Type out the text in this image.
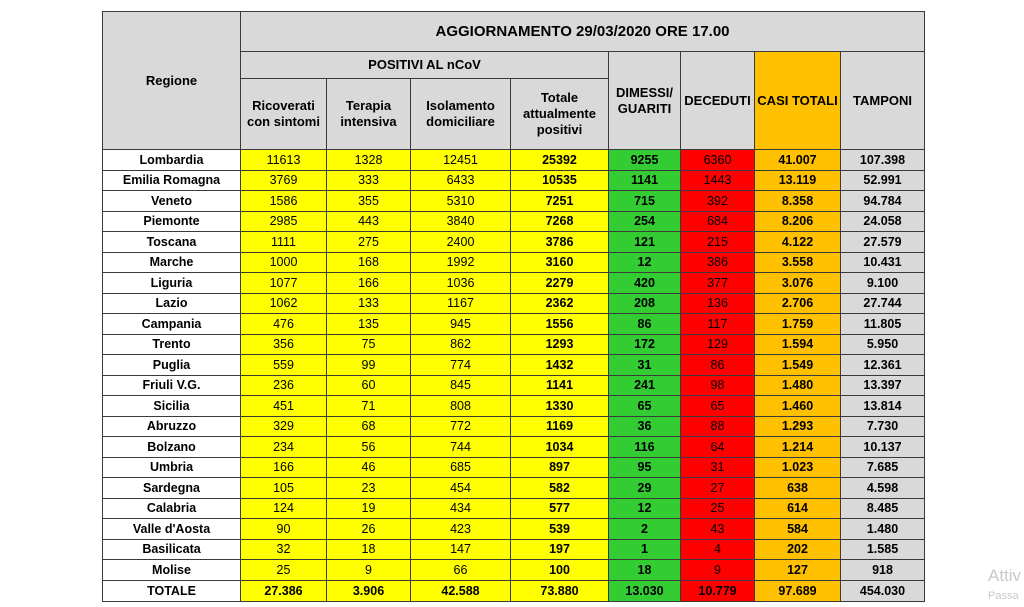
Regione	AGGIORNAMENTO 29/03/2020 ORE 17.00							
	POSITIVI AL nCoV				DIMESSI/ GUARITI	DECEDUTI	CASI TOTALI	TAMPONI
	Ricoverati con sintomi	Terapia intensiva	Isolamento domiciliare	Totale attualmente positivi				
Lombardia	11613	1328	12451	25392	9255	6360	41.007	107.398
Emilia Romagna	3769	333	6433	10535	1141	1443	13.119	52.991
Veneto	1586	355	5310	7251	715	392	8.358	94.784
Piemonte	2985	443	3840	7268	254	684	8.206	24.058
Toscana	1111	275	2400	3786	121	215	4.122	27.579
Marche	1000	168	1992	3160	12	386	3.558	10.431
Liguria	1077	166	1036	2279	420	377	3.076	9.100
Lazio	1062	133	1167	2362	208	136	2.706	27.744
Campania	476	135	945	1556	86	117	1.759	11.805
Trento	356	75	862	1293	172	129	1.594	5.950
Puglia	559	99	774	1432	31	86	1.549	12.361
Friuli V.G.	236	60	845	1141	241	98	1.480	13.397
Sicilia	451	71	808	1330	65	65	1.460	13.814
Abruzzo	329	68	772	1169	36	88	1.293	7.730
Bolzano	234	56	744	1034	116	64	1.214	10.137
Umbria	166	46	685	897	95	31	1.023	7.685
Sardegna	105	23	454	582	29	27	638	4.598
Calabria	124	19	434	577	12	25	614	8.485
Valle d'Aosta	90	26	423	539	2	43	584	1.480
Basilicata	32	18	147	197	1	4	202	1.585
Molise	25	9	66	100	18	9	127	918
TOTALE	27.386	3.906	42.588	73.880	13.030	10.779	97.689	454.030
Attiv
Passa
